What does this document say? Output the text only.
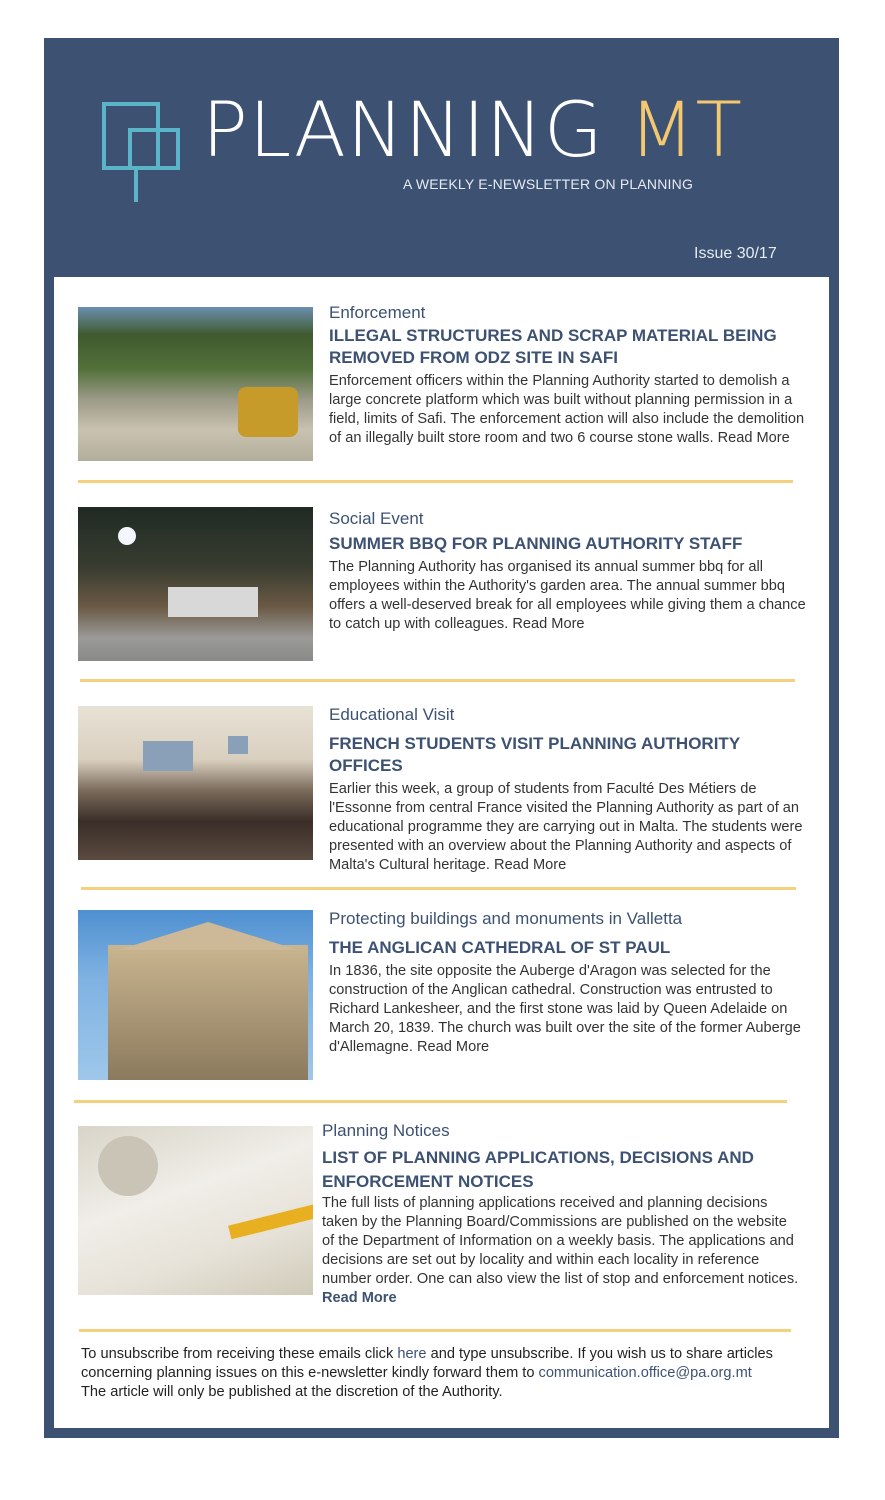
PLANNING MT
A WEEKLY E-NEWSLETTER ON PLANNING
Issue 30/17
Enforcement
ILLEGAL STRUCTURES AND SCRAP MATERIAL BEING REMOVED FROM ODZ SITE IN SAFI
Enforcement officers within the Planning Authority started to demolish a large concrete platform which was built without planning permission in a field, limits of Safi. The enforcement action will also include the demolition of an illegally built store room and two 6 course stone walls. Read More
Social Event
SUMMER BBQ FOR PLANNING AUTHORITY STAFF
The Planning Authority has organised its annual summer bbq for all employees within the Authority's garden area. The annual summer bbq offers a well-deserved break for all employees while giving them a chance to catch up with colleagues. Read More
Educational Visit
FRENCH STUDENTS VISIT PLANNING AUTHORITY OFFICES
Earlier this week, a group of students from Faculté Des Métiers de l'Essonne from central France visited the Planning Authority as part of an educational programme they are carrying out in Malta. The students were presented with an overview about the Planning Authority and aspects of Malta's Cultural heritage. Read More
Protecting buildings and monuments in Valletta
THE ANGLICAN CATHEDRAL OF ST PAUL
In 1836, the site opposite the Auberge d'Aragon was selected for the construction of the Anglican cathedral. Construction was entrusted to Richard Lankesheer, and the first stone was laid by Queen Adelaide on March 20, 1839. The church was built over the site of the former Auberge d'Allemagne. Read More
Planning Notices
LIST OF PLANNING APPLICATIONS, DECISIONS AND ENFORCEMENT NOTICES
The full lists of planning applications received and planning decisions taken by the Planning Board/Commissions are published on the website of the Department of Information on a weekly basis. The applications and decisions are set out by locality and within each locality in reference number order. One can also view the list of stop and enforcement notices. Read More
To unsubscribe from receiving these emails click here and type unsubscribe. If you wish us to share articles concerning planning issues on this e-newsletter kindly forward them to communication.office@pa.org.mt
The article will only be published at the discretion of the Authority.
